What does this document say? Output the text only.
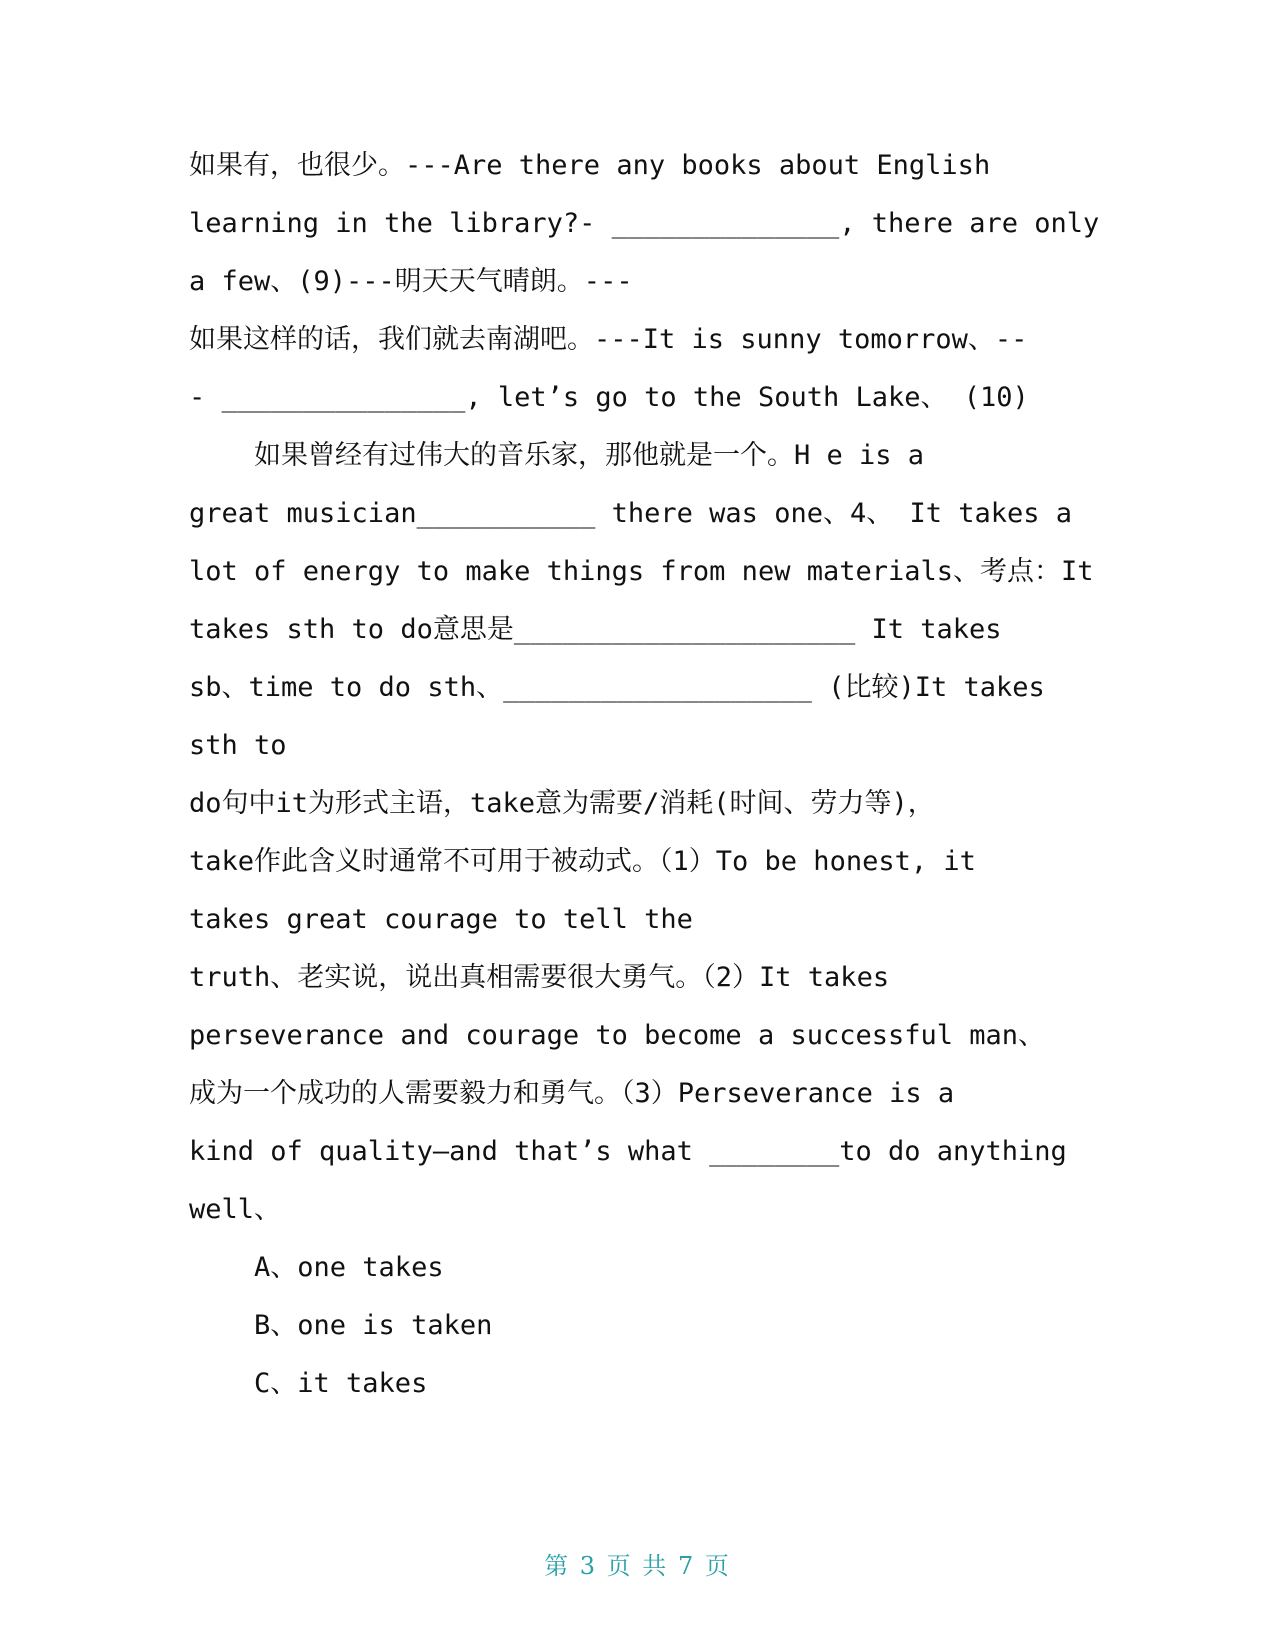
如果有，也很少。---Are there any books about English
learning in the library?- ______________, there are only
a few、(9)---明天天气晴朗。---
如果这样的话，我们就去南湖吧。---It is sunny tomorrow、--
- _______________, let’s go to the South Lake、 (10)
如果曾经有过伟大的音乐家，那他就是一个。H e is a
great musician___________ there was one、4、 It takes a
lot of energy to make things from new materials、考点：It
takes sth to do意思是_____________________ It takes
sb、time to do sth、___________________ (比较)It takes
sth to
do句中it为形式主语，take意为需要/消耗(时间、劳力等)，
take作此含义时通常不可用于被动式。（1）To be honest, it
takes great courage to tell the
truth、老实说，说出真相需要很大勇气。（2）It takes
perseverance and courage to become a successful man、
成为一个成功的人需要毅力和勇气。（3）Perseverance is a
kind of quality—and that’s what ________to do anything
well、
A、one takes
B、one is taken
C、it takes
第 3 页 共 7 页
